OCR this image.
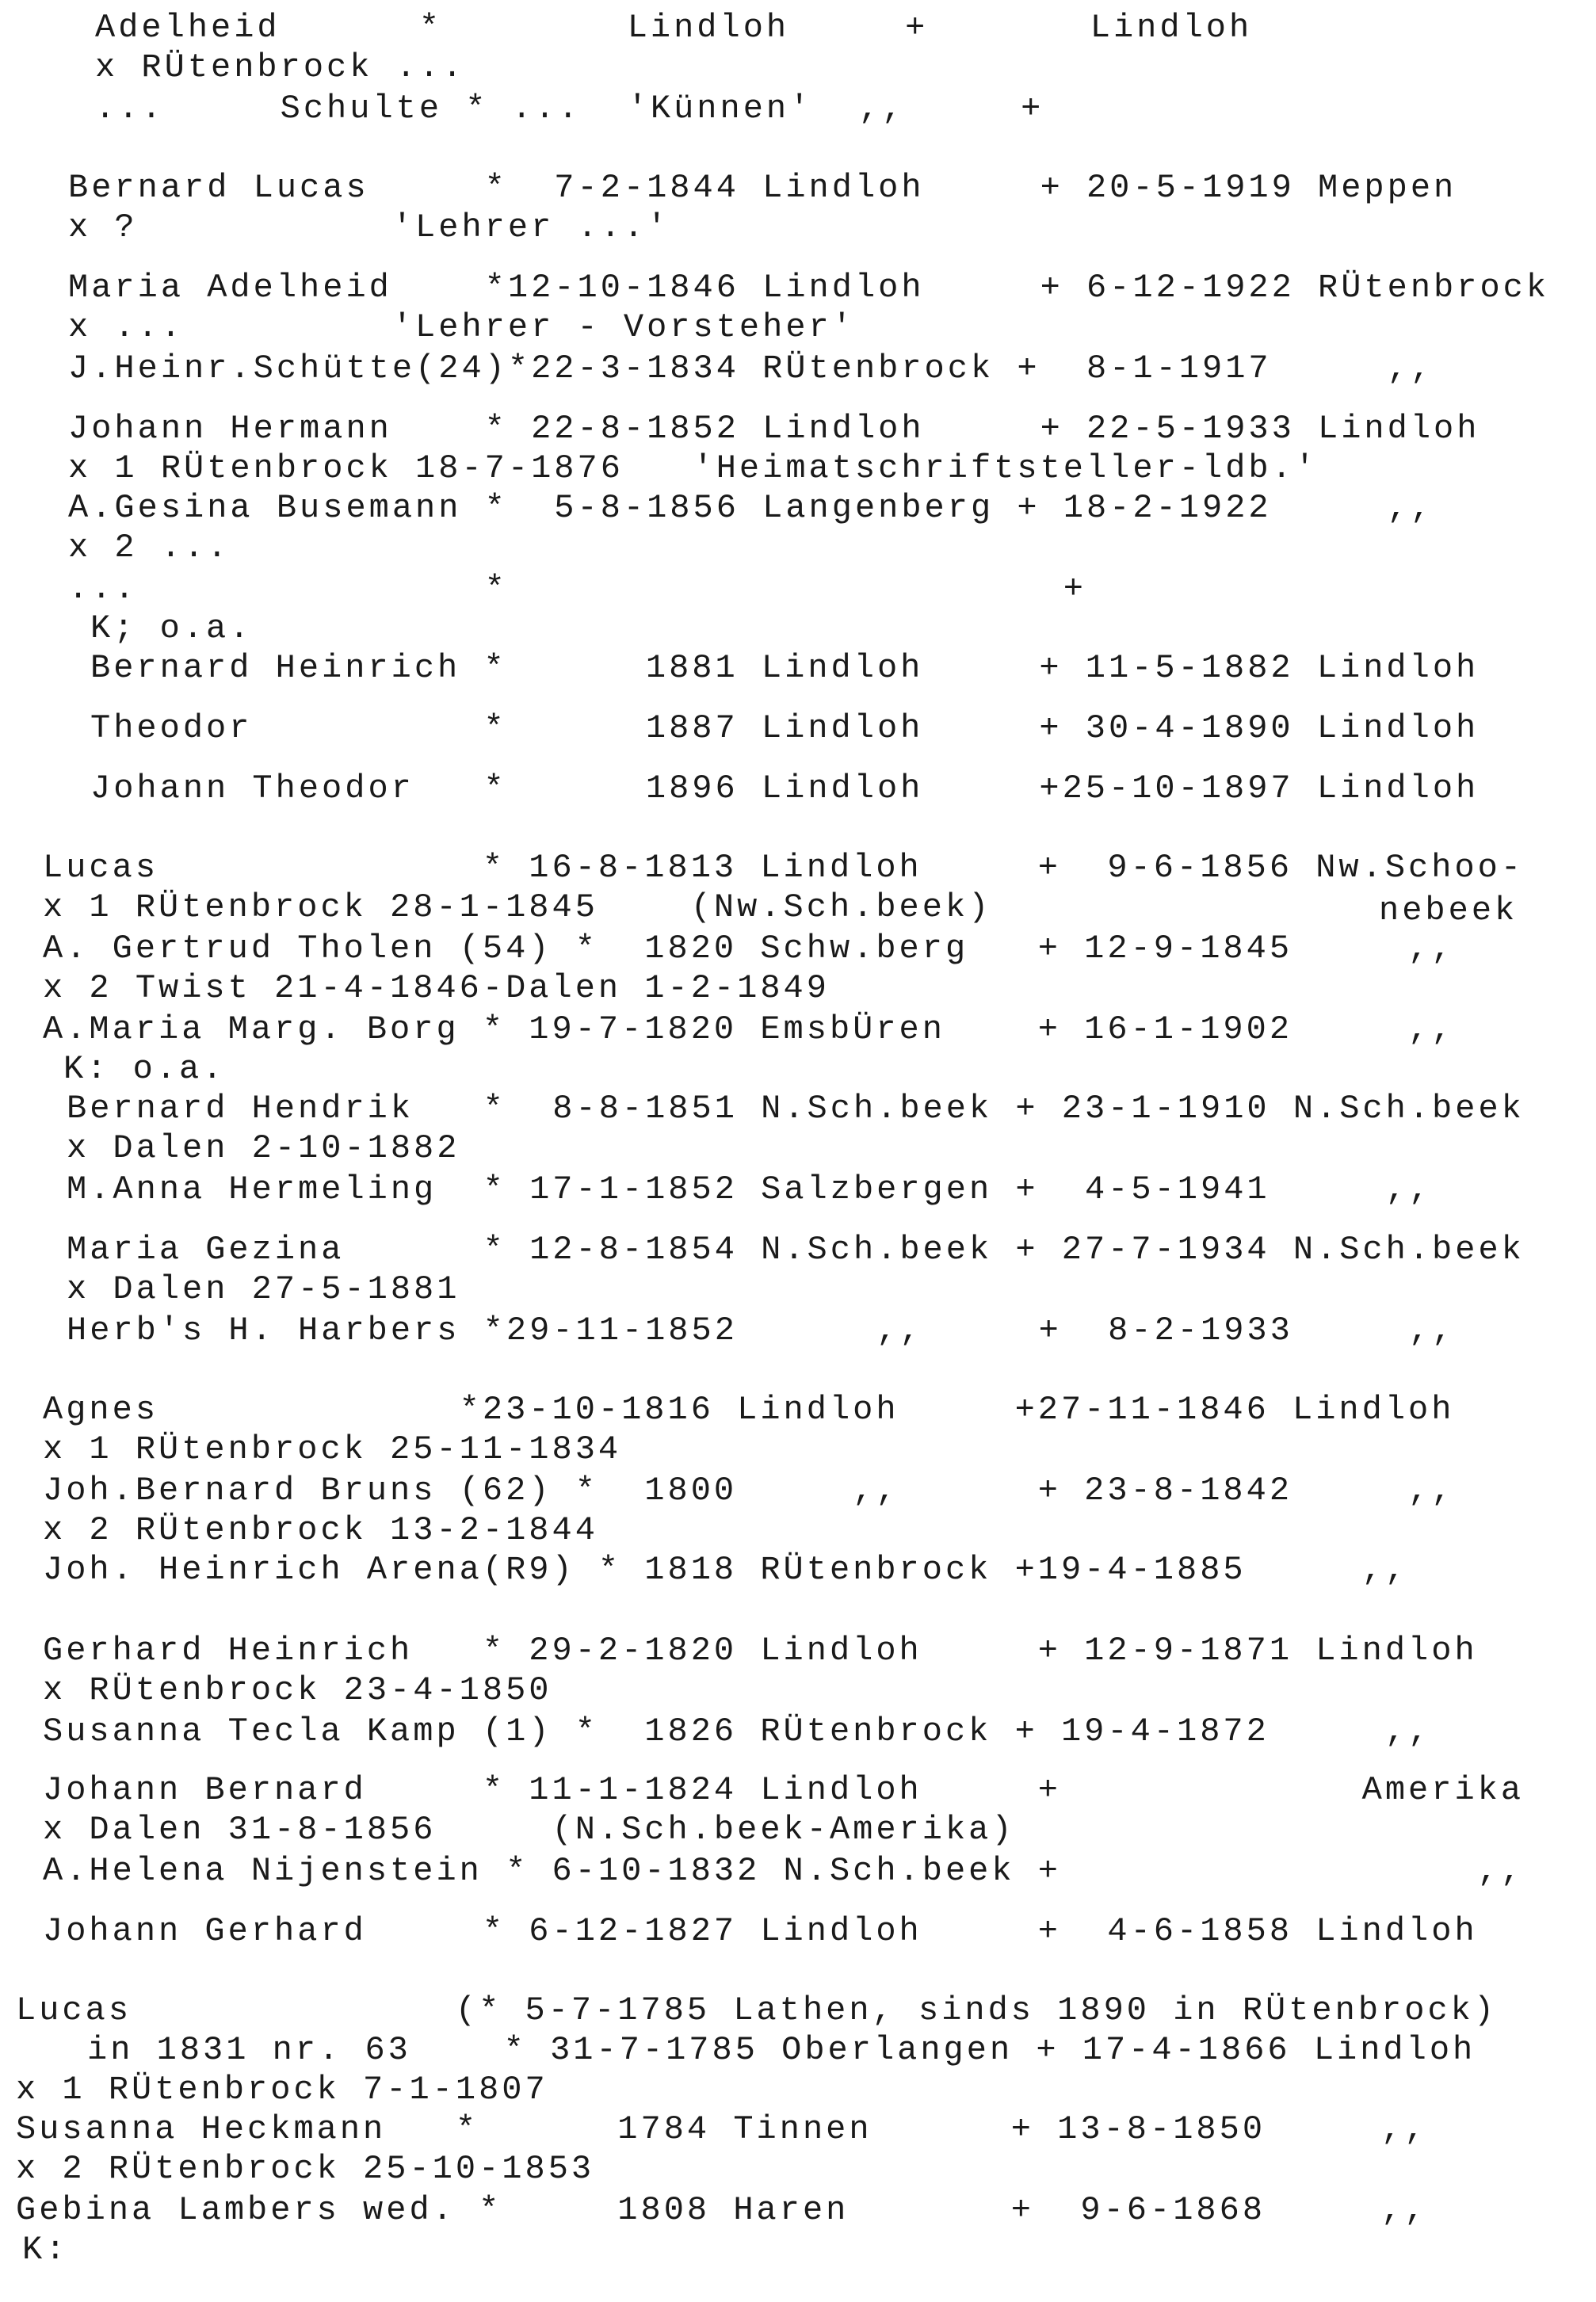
Adelheid      *        Lindloh     +       Lindloh
x RÜtenbrock ...
...     Schulte * ...  'Künnen'  ,,     +
Bernard Lucas     *  7-2-1844 Lindloh     + 20-5-1919 Meppen
x ?           'Lehrer ...'
Maria Adelheid    *12-10-1846 Lindloh     + 6-12-1922 RÜtenbrock
x ...         'Lehrer - Vorsteher'
J.Heinr.Schütte(24)*22-3-1834 RÜtenbrock +  8-1-1917     ,,
Johann Hermann    * 22-8-1852 Lindloh     + 22-5-1933 Lindloh
x 1 RÜtenbrock 18-7-1876   'Heimatschriftsteller-ldb.'
A.Gesina Busemann *  5-8-1856 Langenberg + 18-2-1922     ,,
x 2 ...
...               *                        +
K; o.a.
Bernard Heinrich *      1881 Lindloh     + 11-5-1882 Lindloh
Theodor          *      1887 Lindloh     + 30-4-1890 Lindloh
Johann Theodor   *      1896 Lindloh     +25-10-1897 Lindloh
Lucas              * 16-8-1813 Lindloh     +  9-6-1856 Nw.Schoo-
x 1 RÜtenbrock 28-1-1845    (Nw.Sch.beek)	nebeek
A. Gertrud Tholen (54) *  1820 Schw.berg   + 12-9-1845     ,,
x 2 Twist 21-4-1846-Dalen 1-2-1849
A.Maria Marg. Borg * 19-7-1820 EmsbÜren    + 16-1-1902     ,,
K: o.a.
Bernard Hendrik   *  8-8-1851 N.Sch.beek + 23-1-1910 N.Sch.beek
x Dalen 2-10-1882
M.Anna Hermeling  * 17-1-1852 Salzbergen +  4-5-1941     ,,
Maria Gezina      * 12-8-1854 N.Sch.beek + 27-7-1934 N.Sch.beek
x Dalen 27-5-1881
Herb's H. Harbers *29-11-1852      ,,     +  8-2-1933     ,,
Agnes             *23-10-1816 Lindloh     +27-11-1846 Lindloh
x 1 RÜtenbrock 25-11-1834
Joh.Bernard Bruns (62) *  1800     ,,      + 23-8-1842     ,,
x 2 RÜtenbrock 13-2-1844
Joh. Heinrich Arena(R9) * 1818 RÜtenbrock +19-4-1885     ,,
Gerhard Heinrich   * 29-2-1820 Lindloh     + 12-9-1871 Lindloh
x RÜtenbrock 23-4-1850
Susanna Tecla Kamp (1) *  1826 RÜtenbrock + 19-4-1872     ,,
Johann Bernard     * 11-1-1824 Lindloh     +             Amerika
x Dalen 31-8-1856     (N.Sch.beek-Amerika)
A.Helena Nijenstein * 6-10-1832 N.Sch.beek +                  ,,
Johann Gerhard     * 6-12-1827 Lindloh     +  4-6-1858 Lindloh
Lucas              (* 5-7-1785 Lathen, sinds 1890 in RÜtenbrock)
in 1831 nr. 63    * 31-7-1785 Oberlangen + 17-4-1866 Lindloh
x 1 RÜtenbrock 7-1-1807
Susanna Heckmann   *      1784 Tinnen      + 13-8-1850     ,,
x 2 RÜtenbrock 25-10-1853
Gebina Lambers wed. *     1808 Haren       +  9-6-1868     ,,
K:
